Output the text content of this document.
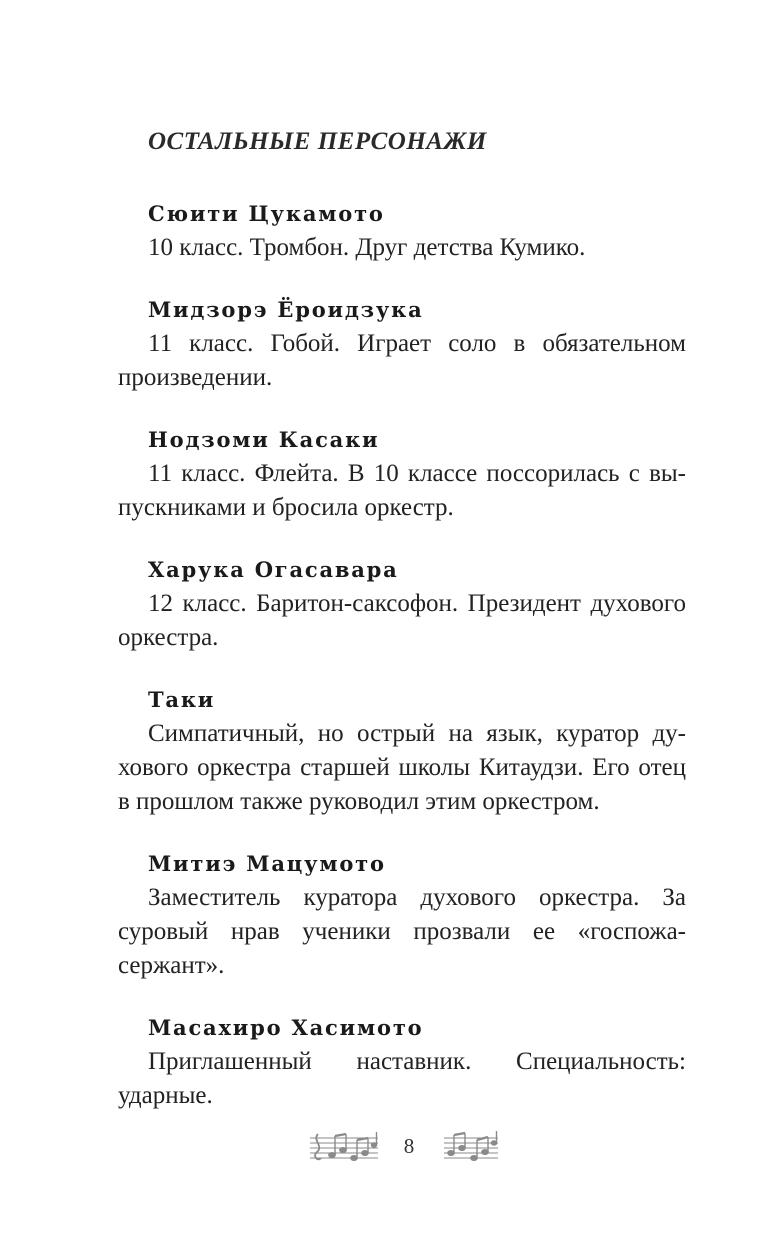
ОСТАЛЬНЫЕ ПЕРСОНАЖИ
Сюити Цукамото

10 класс. Тромбон. Друг детства Кумико.

Мидзорэ Ёроидзука

11 класс. Гобой. Играет соло в обязательном произведении.

Нодзоми Касаки

11 класс. Флейта. В 10 классе поссорилась с выпускниками и бросила оркестр.

Харука Огасавара

12 класс. Баритон-саксофон. Президент духового оркестра.

Таки

Симпатичный, но острый на язык, куратор духового оркестра старшей школы Китаудзи. Его отец в прошлом также руководил этим оркестром.

Митиэ Мацумото

Заместитель куратора духового оркестра. За суровый нрав ученики прозвали ее «госпожа-сержант».

Масахиро Хасимото

Приглашенный наставник. Специальность: ударные.

8
